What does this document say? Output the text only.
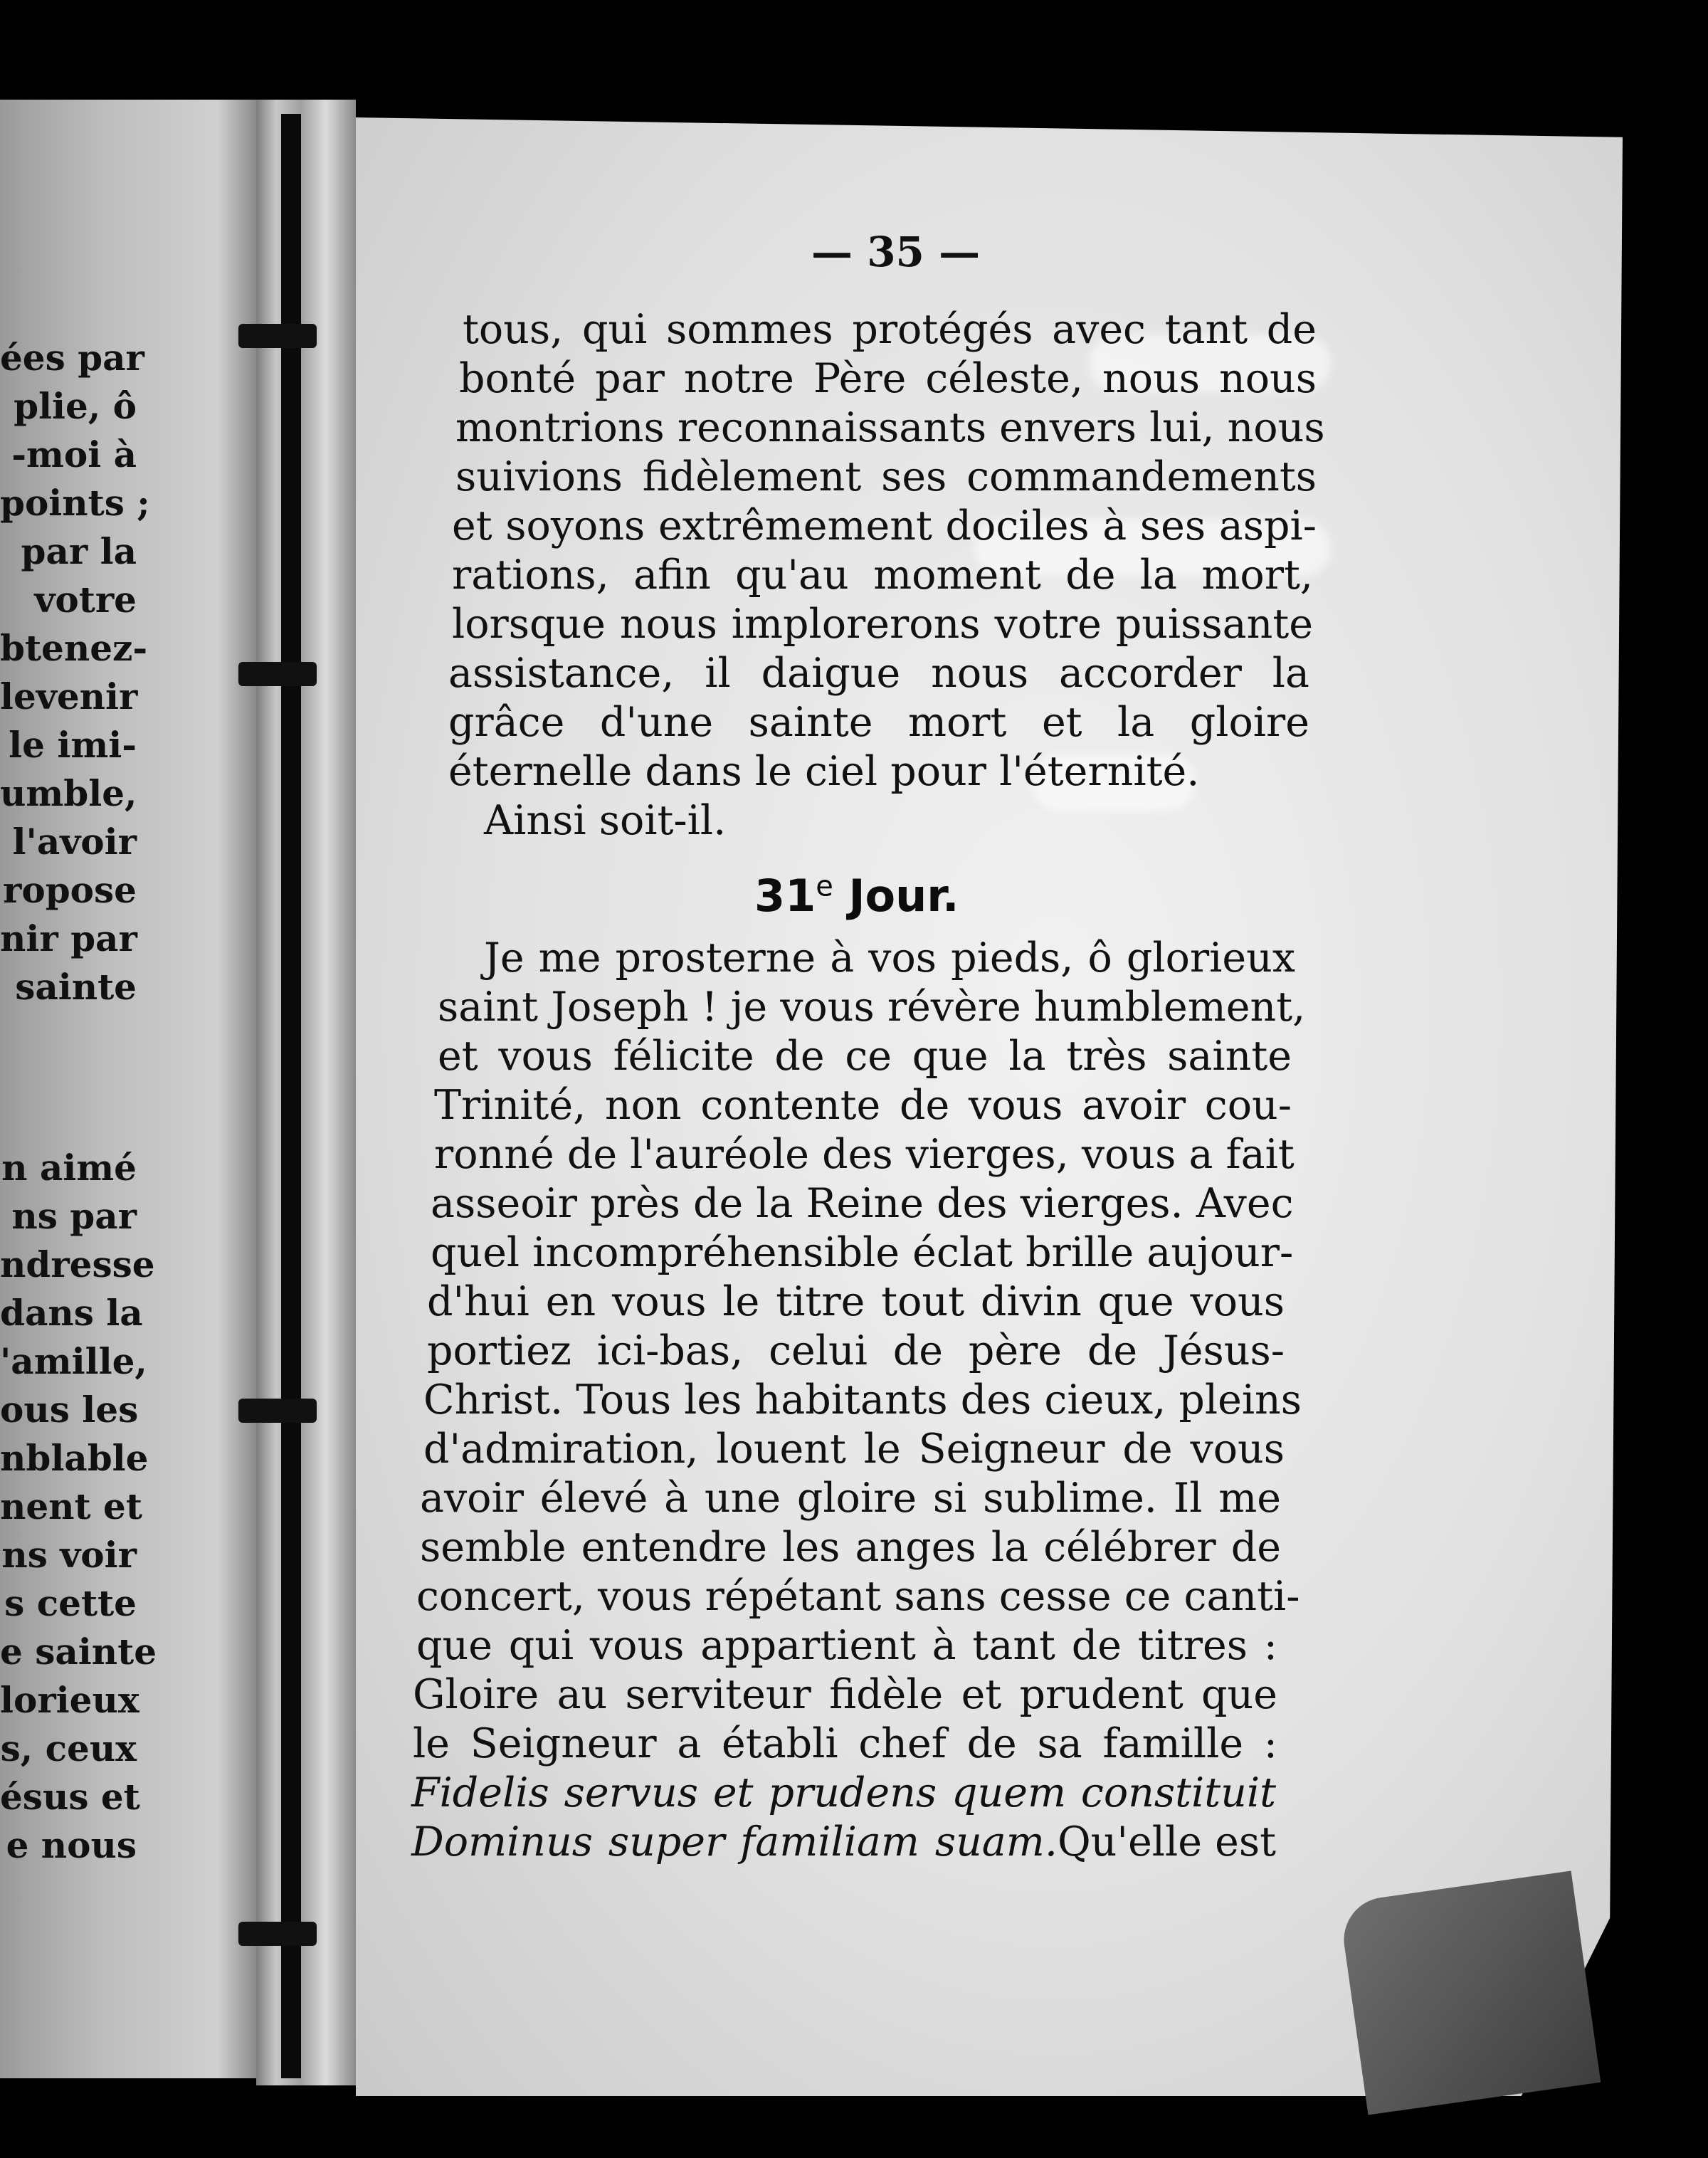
ées par
plie, ô
-moi à
points ;
par la
votre
btenez-
levenir
le imi-
umble,
l'avoir
ropose
nir par
sainte
n aimé
ns par
ndresse
dans la
'amille,
ous les
nblable
nent et
ns voir
s cette
e sainte
lorieux
s, ceux
ésus et
e nous
— 35 —
tous, qui sommes protégés avec tant de
bonté par notre Père céleste, nous nous
montrions reconnaissants envers lui, nous
suivions fidèlement ses commandements
et soyons extrêmement dociles à ses aspi-
rations, afin qu'au moment de la mort,
lorsque nous implorerons votre puissante
assistance, il daigue nous accorder la
grâce d'une sainte mort et la gloire
éternelle dans le ciel pour l'éternité.
Ainsi soit-il.
31e Jour.
Je me prosterne à vos pieds, ô glorieux
saint Joseph ! je vous révère humblement,
et vous félicite de ce que la très sainte
Trinité, non contente de vous avoir cou-
ronné de l'auréole des vierges, vous a fait
asseoir près de la Reine des vierges. Avec
quel incompréhensible éclat brille aujour-
d'hui en vous le titre tout divin que vous
portiez ici-bas, celui de père de Jésus-
Christ. Tous les habitants des cieux, pleins
d'admiration, louent le Seigneur de vous
avoir élevé à une gloire si sublime. Il me
semble entendre les anges la célébrer de
concert, vous répétant sans cesse ce canti-
que qui vous appartient à tant de titres :
Gloire au serviteur fidèle et prudent que
le Seigneur a établi chef de sa famille :
Fidelis servus et prudens quem constituit
Dominus super familiam suam. Qu'elle est
